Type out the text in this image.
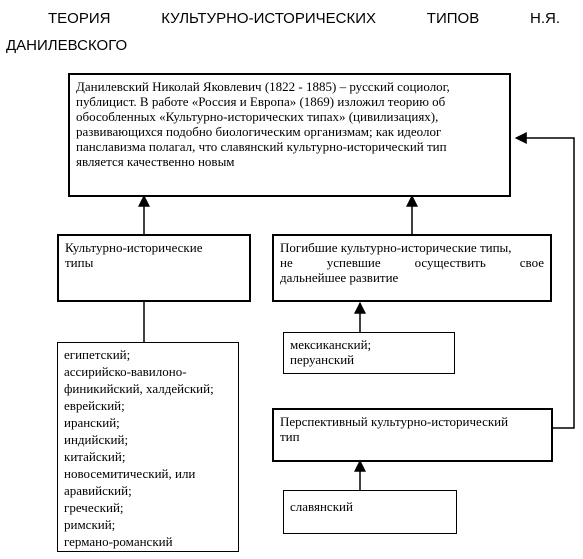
ТЕОРИЯ	КУЛЬТУРНО-ИСТОРИЧЕСКИХ	ТИПОВ	Н.Я.
ДАНИЛЕВСКОГО
Данилевский Николай Яковлевич (1822 - 1885) – русский социолог,
публицист. В работе «Россия и Европа» (1869) изложил теорию об
обособленных «Культурно-исторических типах» (цивилизациях),
развивающихся подобно биологическим организмам; как идеолог
панславизма полагал, что славянский культурно-исторический тип
является качественно новым
Культурно-исторические
типы
Погибшие культурно-исторические типы,
не успевшие осуществить свое
дальнейшее развитие
мексиканский;
перуанский
Перспективный культурно-исторический
тип
славянский
египетский;
ассирийско-вавилоно-
финикийский, халдейский;
еврейский;
иранский;
индийский;
китайский;
новосемитический, или
аравийский;
греческий;
римский;
германо-романский
